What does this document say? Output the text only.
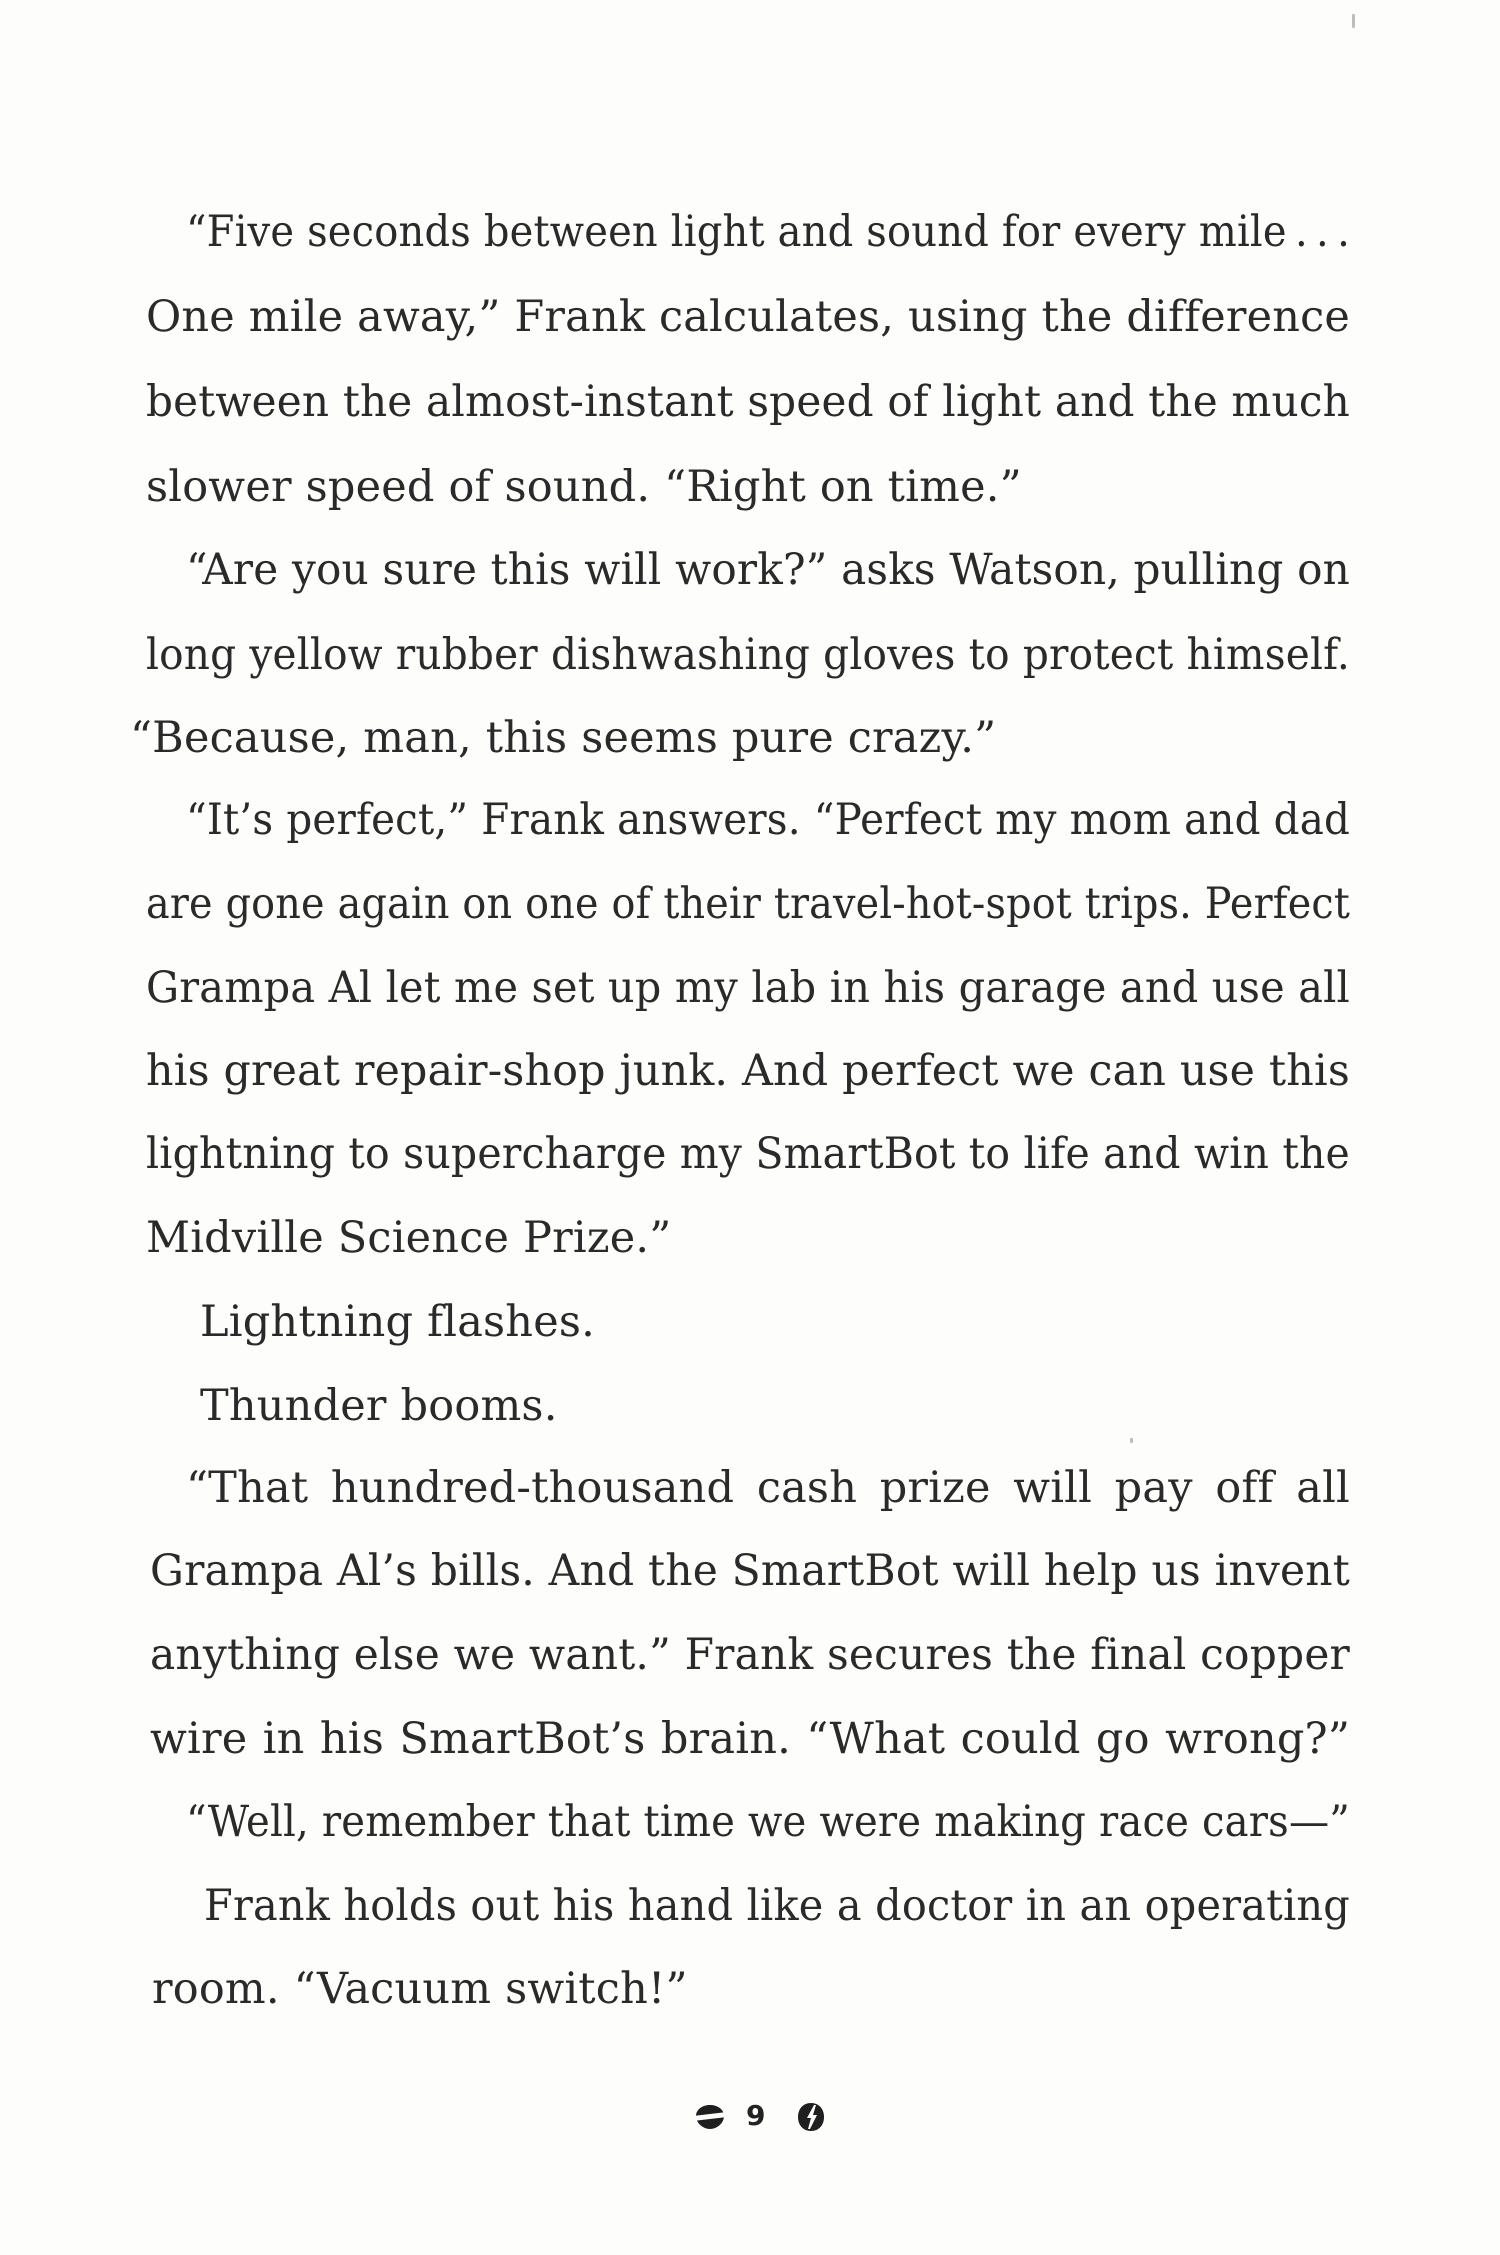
“Five seconds between light and sound for every mile . . .
One mile away,” Frank calculates, using the difference
between the almost-instant speed of light and the much
slower speed of sound. “Right on time.”
“Are you sure this will work?” asks Watson, pulling on
long yellow rubber dishwashing gloves to protect himself.
“Because, man, this seems pure crazy.”
“It’s perfect,” Frank answers. “Perfect my mom and dad
are gone again on one of their travel-hot-spot trips. Perfect
Grampa Al let me set up my lab in his garage and use all
his great repair-shop junk. And perfect we can use this
lightning to supercharge my SmartBot to life and win the
Midville Science Prize.”
Lightning flashes.
Thunder booms.
“That hundred-thousand cash prize will pay off all
Grampa Al’s bills. And the SmartBot will help us invent
anything else we want.” Frank secures the final copper
wire in his SmartBot’s brain. “What could go wrong?”
“Well, remember that time we were making race cars—”
Frank holds out his hand like a doctor in an operating
room. “Vacuum switch!”
9
